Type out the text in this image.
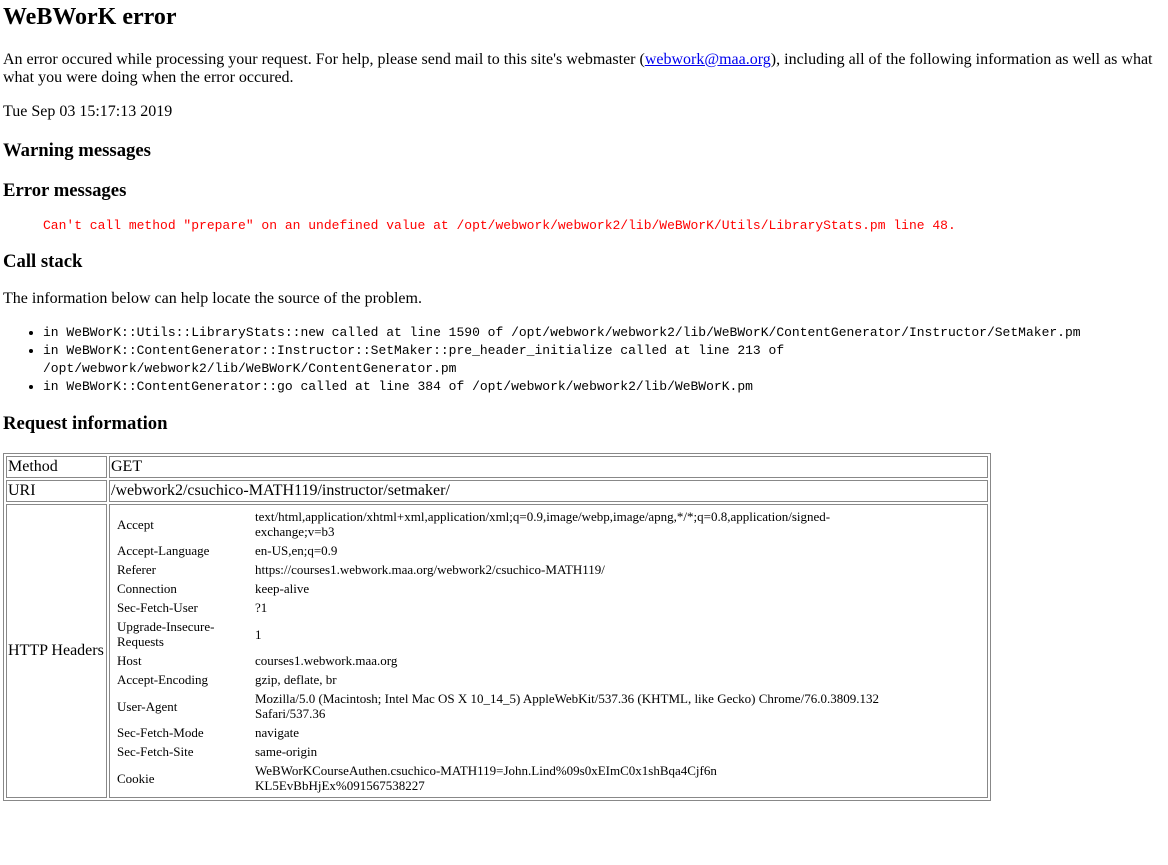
WeBWorK error

An error occured while processing your request. For help, please send mail to this site's webmaster (webwork@maa.org), including all of the following information as well as what what you were doing when the error occured.

Tue Sep 03 15:17:13 2019

Warning messages
Error messages
Can't call method "prepare" on an undefined value at /opt/webwork/webwork2/lib/WeBWorK/Utils/LibraryStats.pm line 48.
Call stack

The information below can help locate the source of the problem.

• in WeBWorK::Utils::LibraryStats::new called at line 1590 of /opt/webwork/webwork2/lib/WeBWorK/ContentGenerator/Instructor/SetMaker.pm
• in WeBWorK::ContentGenerator::Instructor::SetMaker::pre_header_initialize called at line 213 of /opt/webwork/webwork2/lib/WeBWorK/ContentGenerator.pm
• in WeBWorK::ContentGenerator::go called at line 384 of /opt/webwork/webwork2/lib/WeBWorK.pm
Request information
Method	GET
URI	/webwork2/csuchico-MATH119/instructor/setmaker/
HTTP Headers	
Accept	text/html,application/xhtml+xml,application/xml;q=0.9,image/webp,image/apng,*/*;q=0.8,application/signed-exchange;v=b3

Accept-Language	en-US,en;q=0.9
Referer	https://courses1.webwork.maa.org/webwork2/csuchico-MATH119/
Connection	keep-alive
Sec-Fetch-User	?1

Upgrade-Insecure-Requests	1
Host	courses1.webwork.maa.org
Accept-Encoding	gzip, deflate, br
User-Agent	Mozilla/5.0 (Macintosh; Intel Mac OS X 10_14_5) AppleWebKit/537.36 (KHTML, like Gecko) Chrome/76.0.3809.132 Safari/537.36

Sec-Fetch-Mode	navigate
Sec-Fetch-Site	same-origin
Cookie	WeBWorKCourseAuthen.csuchico-MATH119=John.Lind%09s0xEImC0x1shBqa4Cjf6nKL5EvBbHjEx%091567538227
